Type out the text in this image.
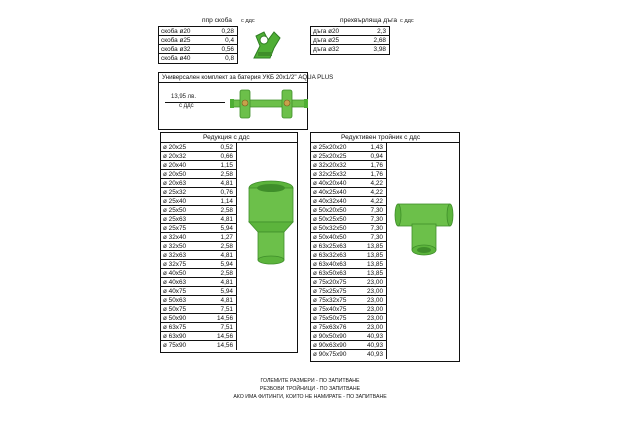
ппр скоба с ддс
скоба ø20	0,28
скоба ø25	0,4
скоба ø32	0,56
скоба ø40	0,8
прехвърляща дъга с ддс
дъга ø20	2,3
дъга ø25	2,68
дъга ø32	3,98
Универсален комплект за батерия УКБ 20х1/2" AQUA PLUS
13,95 лв.
с ддс
Редукция с ддс
ø 20x25	0,52
ø 20x32	0,66
ø 20x40	1,15
ø 20x50	2,58
ø 20x63	4,81
ø 25x32	0,76
ø 25x40	1,14
ø 25x50	2,58
ø 25x63	4,81
ø 25x75	5,94
ø 32x40	1,27
ø 32x50	2,58
ø 32x63	4,81
ø 32x75	5,94
ø 40x50	2,58
ø 40x63	4,81
ø 40x75	5,94
ø 50x63	4,81
ø 50x75	7,51
ø 50x90	14,56
ø 63x75	7,51
ø 63x90	14,56
ø 75x90	14,56
Редуктивен тройник с ддс
ø 25x20x20	1,43
ø 25x20x25	0,94
ø 32x20x32	1,76
ø 32x25x32	1,76
ø 40x20x40	4,22
ø 40x25x40	4,22
ø 40x32x40	4,22
ø 50x20x50	7,30
ø 50x25x50	7,30
ø 50x32x50	7,30
ø 50x40x50	7,30
ø 63x25x63	13,85
ø 63x32x63	13,85
ø 63x40x63	13,85
ø 63x50x63	13,85
ø 75x20x75	23,00
ø 75x25x75	23,00
ø 75x32x75	23,00
ø 75x40x75	23,00
ø 75x50x75	23,00
ø 75x63x76	23,00
ø 90x50x90	40,93
ø 90x63x90	40,93
ø 90x75x90	40,93
ГОЛЕМИТЕ РАЗМЕРИ - ПО ЗАПИТВАНЕ
РЕЗБОВИ ТРОЙНИЦИ - ПО ЗАПИТВАНЕ
АКО ИМА ФИТИНГИ, КОИТО НЕ НАМИРАТЕ - ПО ЗАПИТВАНЕ
